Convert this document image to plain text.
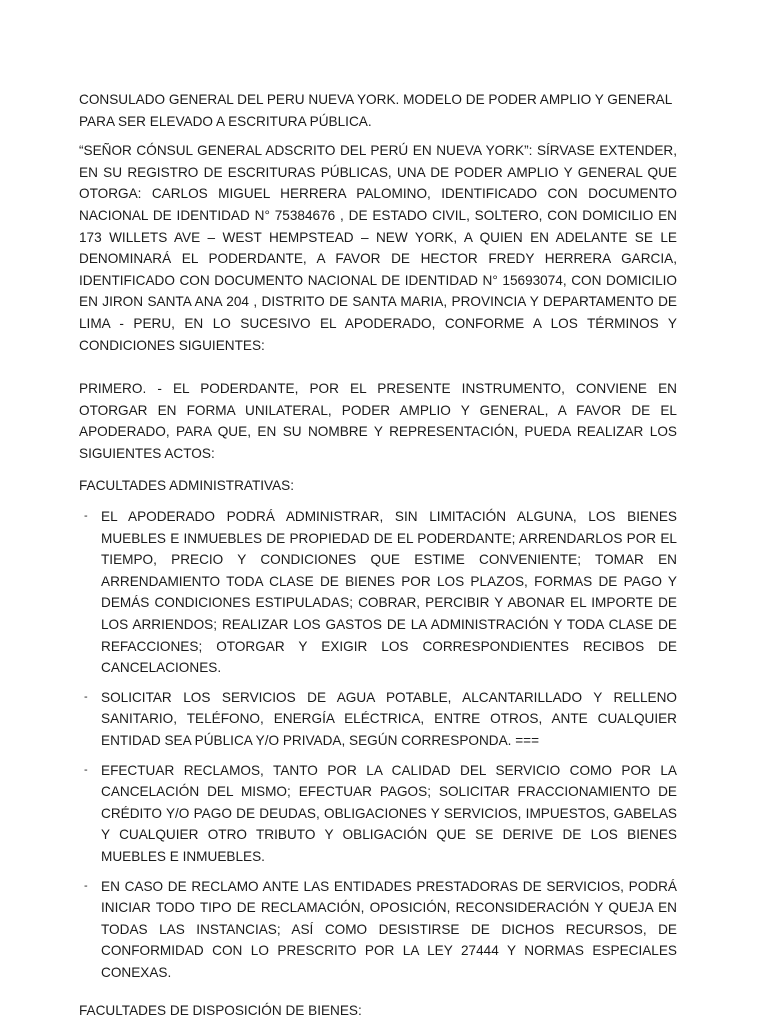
CONSULADO GENERAL DEL PERU NUEVA YORK. MODELO DE PODER AMPLIO Y GENERAL PARA SER ELEVADO A ESCRITURA PÚBLICA.

“SEÑOR CÓNSUL GENERAL ADSCRITO DEL PERÚ EN NUEVA YORK”: SÍRVASE EXTENDER, EN SU REGISTRO DE ESCRITURAS PÚBLICAS, UNA DE PODER AMPLIO Y GENERAL QUE OTORGA: CARLOS MIGUEL HERRERA PALOMINO, IDENTIFICADO CON DOCUMENTO NACIONAL DE IDENTIDAD N° 75384676 , DE ESTADO CIVIL, SOLTERO, CON DOMICILIO EN 173 WILLETS AVE – WEST HEMPSTEAD – NEW YORK, A QUIEN EN ADELANTE SE LE DENOMINARÁ EL PODERDANTE, A FAVOR DE HECTOR FREDY HERRERA GARCIA, IDENTIFICADO CON DOCUMENTO NACIONAL DE IDENTIDAD N° 15693074, CON DOMICILIO EN JIRON SANTA ANA 204 , DISTRITO DE SANTA MARIA, PROVINCIA Y DEPARTAMENTO DE LIMA - PERU, EN LO SUCESIVO EL APODERADO, CONFORME A LOS TÉRMINOS Y CONDICIONES SIGUIENTES:

PRIMERO. - EL PODERDANTE, POR EL PRESENTE INSTRUMENTO, CONVIENE EN OTORGAR EN FORMA UNILATERAL, PODER AMPLIO Y GENERAL, A FAVOR DE EL APODERADO, PARA QUE, EN SU NOMBRE Y REPRESENTACIÓN, PUEDA REALIZAR LOS SIGUIENTES ACTOS:

FACULTADES ADMINISTRATIVAS:

- EL APODERADO PODRÁ ADMINISTRAR, SIN LIMITACIÓN ALGUNA, LOS BIENES MUEBLES E INMUEBLES DE PROPIEDAD DE EL PODERDANTE; ARRENDARLOS POR EL TIEMPO, PRECIO Y CONDICIONES QUE ESTIME CONVENIENTE; TOMAR EN ARRENDAMIENTO TODA CLASE DE BIENES POR LOS PLAZOS, FORMAS DE PAGO Y DEMÁS CONDICIONES ESTIPULADAS; COBRAR, PERCIBIR Y ABONAR EL IMPORTE DE LOS ARRIENDOS; REALIZAR LOS GASTOS DE LA ADMINISTRACIÓN Y TODA CLASE DE REFACCIONES; OTORGAR Y EXIGIR LOS CORRESPONDIENTES RECIBOS DE CANCELACIONES.

- SOLICITAR LOS SERVICIOS DE AGUA POTABLE, ALCANTARILLADO Y RELLENO SANITARIO, TELÉFONO, ENERGÍA ELÉCTRICA, ENTRE OTROS, ANTE CUALQUIER ENTIDAD SEA PÚBLICA Y/O PRIVADA, SEGÚN CORRESPONDA. ===

- EFECTUAR RECLAMOS, TANTO POR LA CALIDAD DEL SERVICIO COMO POR LA CANCELACIÓN DEL MISMO; EFECTUAR PAGOS; SOLICITAR FRACCIONAMIENTO DE CRÉDITO Y/O PAGO DE DEUDAS, OBLIGACIONES Y SERVICIOS, IMPUESTOS, GABELAS Y CUALQUIER OTRO TRIBUTO Y OBLIGACIÓN QUE SE DERIVE DE LOS BIENES MUEBLES E INMUEBLES.

- EN CASO DE RECLAMO ANTE LAS ENTIDADES PRESTADORAS DE SERVICIOS, PODRÁ INICIAR TODO TIPO DE RECLAMACIÓN, OPOSICIÓN, RECONSIDERACIÓN Y QUEJA EN TODAS LAS INSTANCIAS; ASÍ COMO DESISTIRSE DE DICHOS RECURSOS, DE CONFORMIDAD CON LO PRESCRITO POR LA LEY 27444 Y NORMAS ESPECIALES CONEXAS.

FACULTADES DE DISPOSICIÓN DE BIENES:
